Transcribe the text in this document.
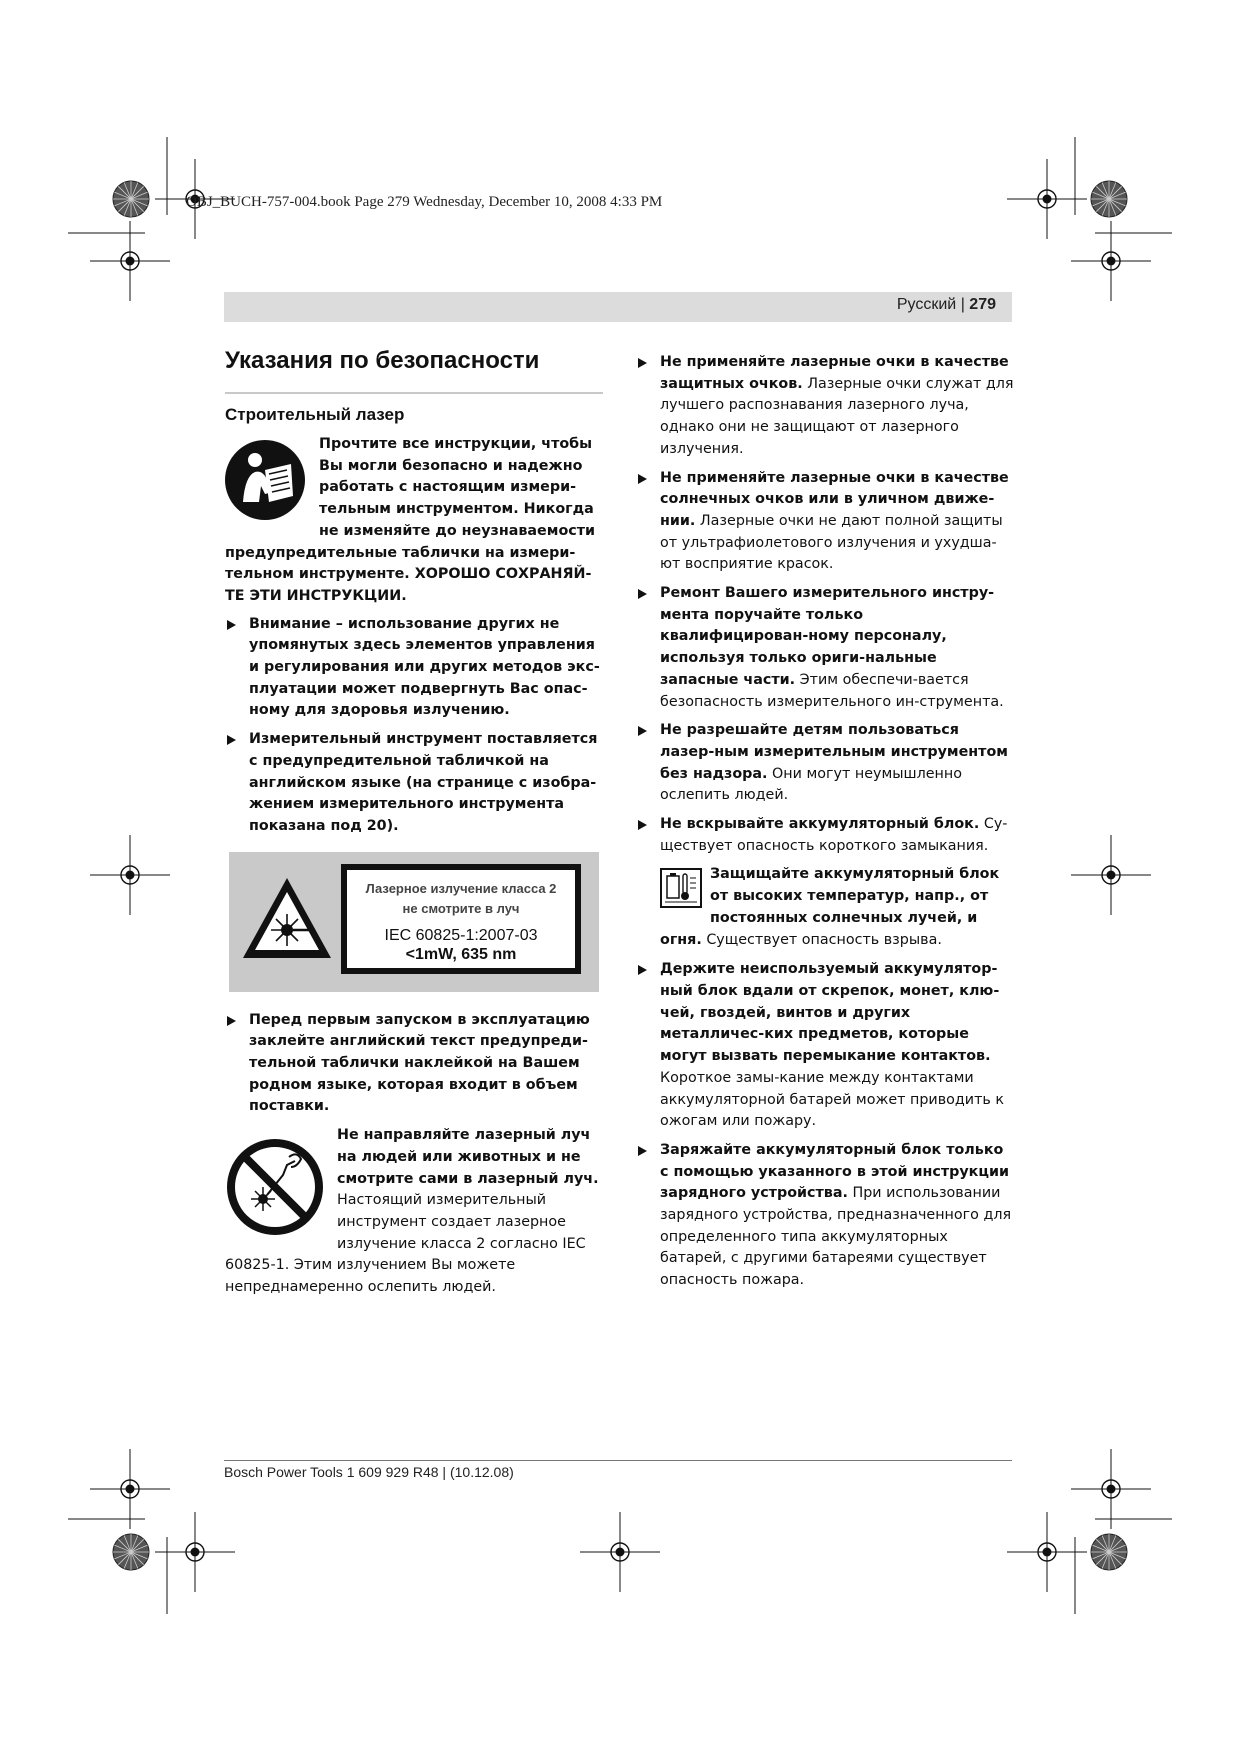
OBJ_BUCH-757-004.book Page 279 Wednesday, December 10, 2008 4:33 PM
Русский | 279
Указания по безопасности
Строительный лазер

Прочтите все инструкции, чтобы Вы могли безопасно и надежно работать с настоящим измери-тельным инструментом. Никогда не изменяйте до неузнаваемости предупредительные таблички на измери-тельном инструменте. ХОРОШО СОХРАНЯЙ-ТЕ ЭТИ ИНСТРУКЦИИ.

Внимание – использование других не упомянутых здесь элементов управления и регулирования или других методов экс-плуатации может подвергнуть Вас опас-ному для здоровья излучению.
Измерительный инструмент поставляется с предупредительной табличкой на английском языке (на странице с изобра-жением измерительного инструмента показана под 20).
Лазерное излучение класса 2
не смотрите в луч
IEC 60825-1:2007-03
<1mW, 635 nm
Перед первым запуском в эксплуатацию заклейте английский текст предупреди-тельной таблички наклейкой на Вашем родном языке, которая входит в объем поставки.

Не направляйте лазерный луч на людей или животных и не смотрите сами в лазерный луч. Настоящий измерительный инструмент создает лазерное излучение класса 2 согласно IEC 60825-1. Этим излучением Вы можете непреднамеренно ослепить людей.

Не применяйте лазерные очки в качестве защитных очков. Лазерные очки служат для лучшего распознавания лазерного луча, однако они не защищают от лазерного излучения.
Не применяйте лазерные очки в качестве солнечных очков или в уличном движе-нии. Лазерные очки не дают полной защиты от ультрафиолетового излучения и ухудша-ют восприятие красок.
Ремонт Вашего измерительного инстру-мента поручайте только квалифицирован-ному персоналу, используя только ориги-нальные запасные части. Этим обеспечи-вается безопасность измерительного ин-струмента.
Не разрешайте детям пользоваться лазер-ным измерительным инструментом без надзора. Они могут неумышленно ослепить людей.
Не вскрывайте аккумуляторный блок. Су-ществует опасность короткого замыкания.

Защищайте аккумуляторный блок от высоких температур, напр., от постоянных солнечных лучей, и огня. Существует опасность взрыва.

Держите неиспользуемый аккумулятор-ный блок вдали от скрепок, монет, клю-чей, гвоздей, винтов и других металличес-ких предметов, которые могут вызвать перемыкание контактов. Короткое замы-кание между контактами аккумуляторной батарей может приводить к ожогам или пожару.
Заряжайте аккумуляторный блок только с помощью указанного в этой инструкции зарядного устройства. При использовании зарядного устройства, предназначенного для определенного типа аккумуляторных батарей, с другими батареями существует опасность пожара.
Bosch Power Tools 1 609 929 R48 | (10.12.08)
